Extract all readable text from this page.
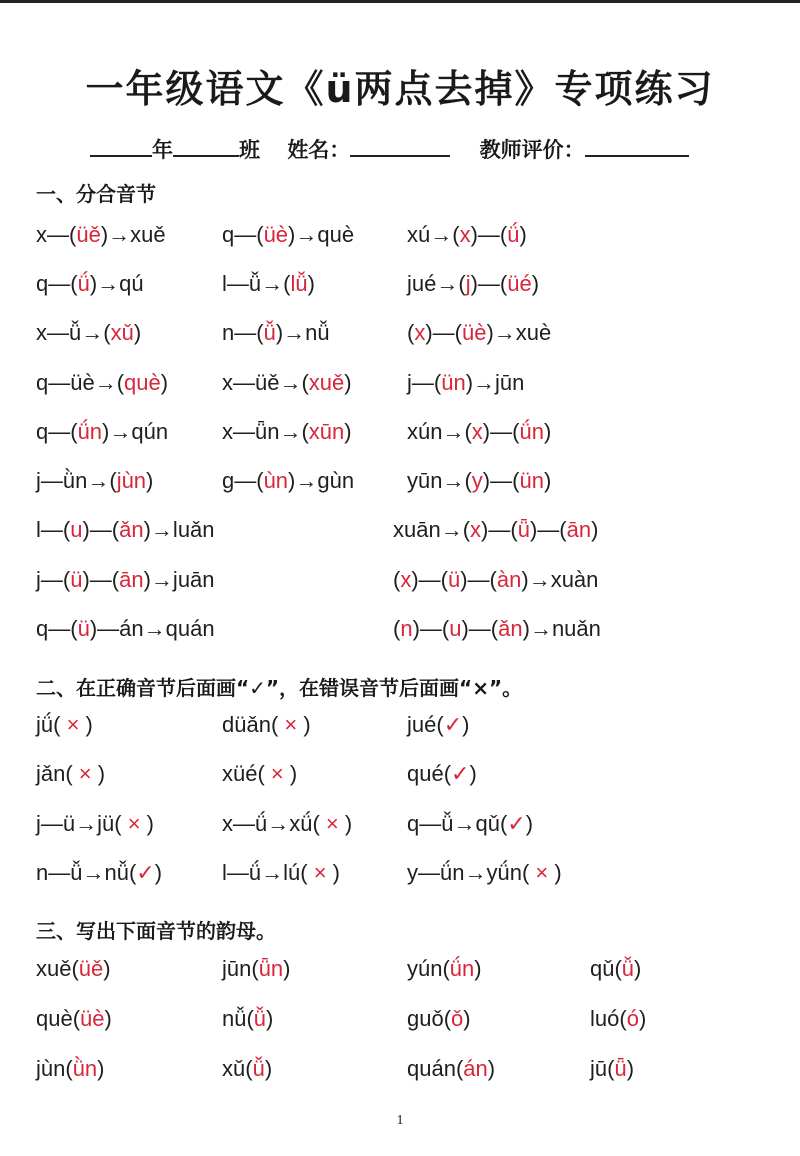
一年级语文《ü两点去掉》专项练习
年	班 姓名：	教师评价：
一、分合音节
x—(üě)→xuě	q—(üè)→què xú→(x)—(ǘ)
q—(ǘ)→qú	l—ǚ→(lǚ)	jué→(j)—(üé)
x—ǚ→(xǔ)	n—(ǚ)→nǚ	(x)—(üè)→xuè
q—üè→(què) x—üě→(xuě)	j—(ün)→jūn
q—(ǘn)→qún x—ǖn→(xūn)	xún→(x)—(ǘn)
j—ǜn→(jùn)	g—(ùn)→gùn yūn→(y)—(ün)
l—(u)—(ǎn)→luǎn	xuān→(x)—(ǖ)—(ān)
j—(ü)—(ān)→juān	(x)—(ü)—(àn)→xuàn
q—(ü)—án→quán	(n)—(u)—(ǎn)→nuǎn
二、在正确音节后面画“✓”，在错误音节后面画“×”。
jǘ( × )	düǎn( × )	jué(✓)
jǎn( × )	xüé( × )	qué(✓)
j—ü→jü( × )	x—ǘ→xǘ( × ) q—ǚ→qǔ(✓)
n—ǚ→nǚ(✓)	l—ǘ→lú( × )	y—ǘn→yǘn( × )
三、写出下面音节的韵母。
xuě(üě)	jūn(ǖn)	yún(ǘn)	qǔ(ǚ)
què(üè)	nǚ(ǚ)	guǒ(ǒ)	luó(ó)
jùn(ǜn)	xǔ(ǚ)	quán(án)	jū(ǖ)
1
